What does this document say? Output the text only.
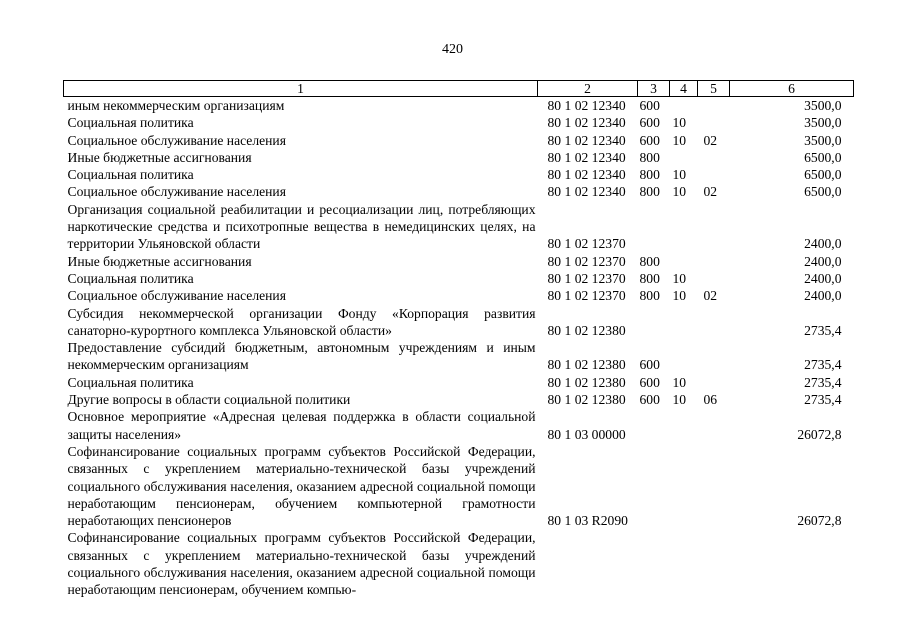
420
1	2	3	4	5	6
иным некоммерческим организациям	80 1 02 12340	600			3500,0
Социальная политика	80 1 02 12340	600	10		3500,0
Социальное обслуживание населения	80 1 02 12340	600	10	02	3500,0
Иные бюджетные ассигнования	80 1 02 12340	800			6500,0
Социальная политика	80 1 02 12340	800	10		6500,0
Социальное обслуживание населения	80 1 02 12340	800	10	02	6500,0
Организация социальной реабилитации и ресоциализации лиц, потребляющих наркотические средства и психотропные вещества в немедицинских целях, на территории Ульяновской области	80 1 02 12370				2400,0
Иные бюджетные ассигнования	80 1 02 12370	800			2400,0
Социальная политика	80 1 02 12370	800	10		2400,0
Социальное обслуживание населения	80 1 02 12370	800	10	02	2400,0
Субсидия некоммерческой организации Фонду «Корпорация развития санаторно-курортного комплекса Ульяновской области»	80 1 02 12380				2735,4
Предоставление субсидий бюджетным, автономным учреждениям и иным некоммерческим организациям	80 1 02 12380	600			2735,4
Социальная политика	80 1 02 12380	600	10		2735,4
Другие вопросы в области социальной политики	80 1 02 12380	600	10	06	2735,4
Основное мероприятие «Адресная целевая поддержка в области социальной защиты населения»	80 1 03 00000				26072,8
Софинансирование социальных программ субъектов Российской Федерации, связанных с укреплением материально-технической базы учреждений социального обслуживания населения, оказанием адресной социальной помощи неработающим пенсионерам, обучением компьютерной грамотности неработающих пенсионеров	80 1 03 R2090				26072,8
Софинансирование социальных программ субъектов Российской Федерации, связанных с укреплением материально-технической базы учреждений социального обслуживания населения, оказанием адресной социальной помощи неработающим пенсионерам, обучением компью-					
